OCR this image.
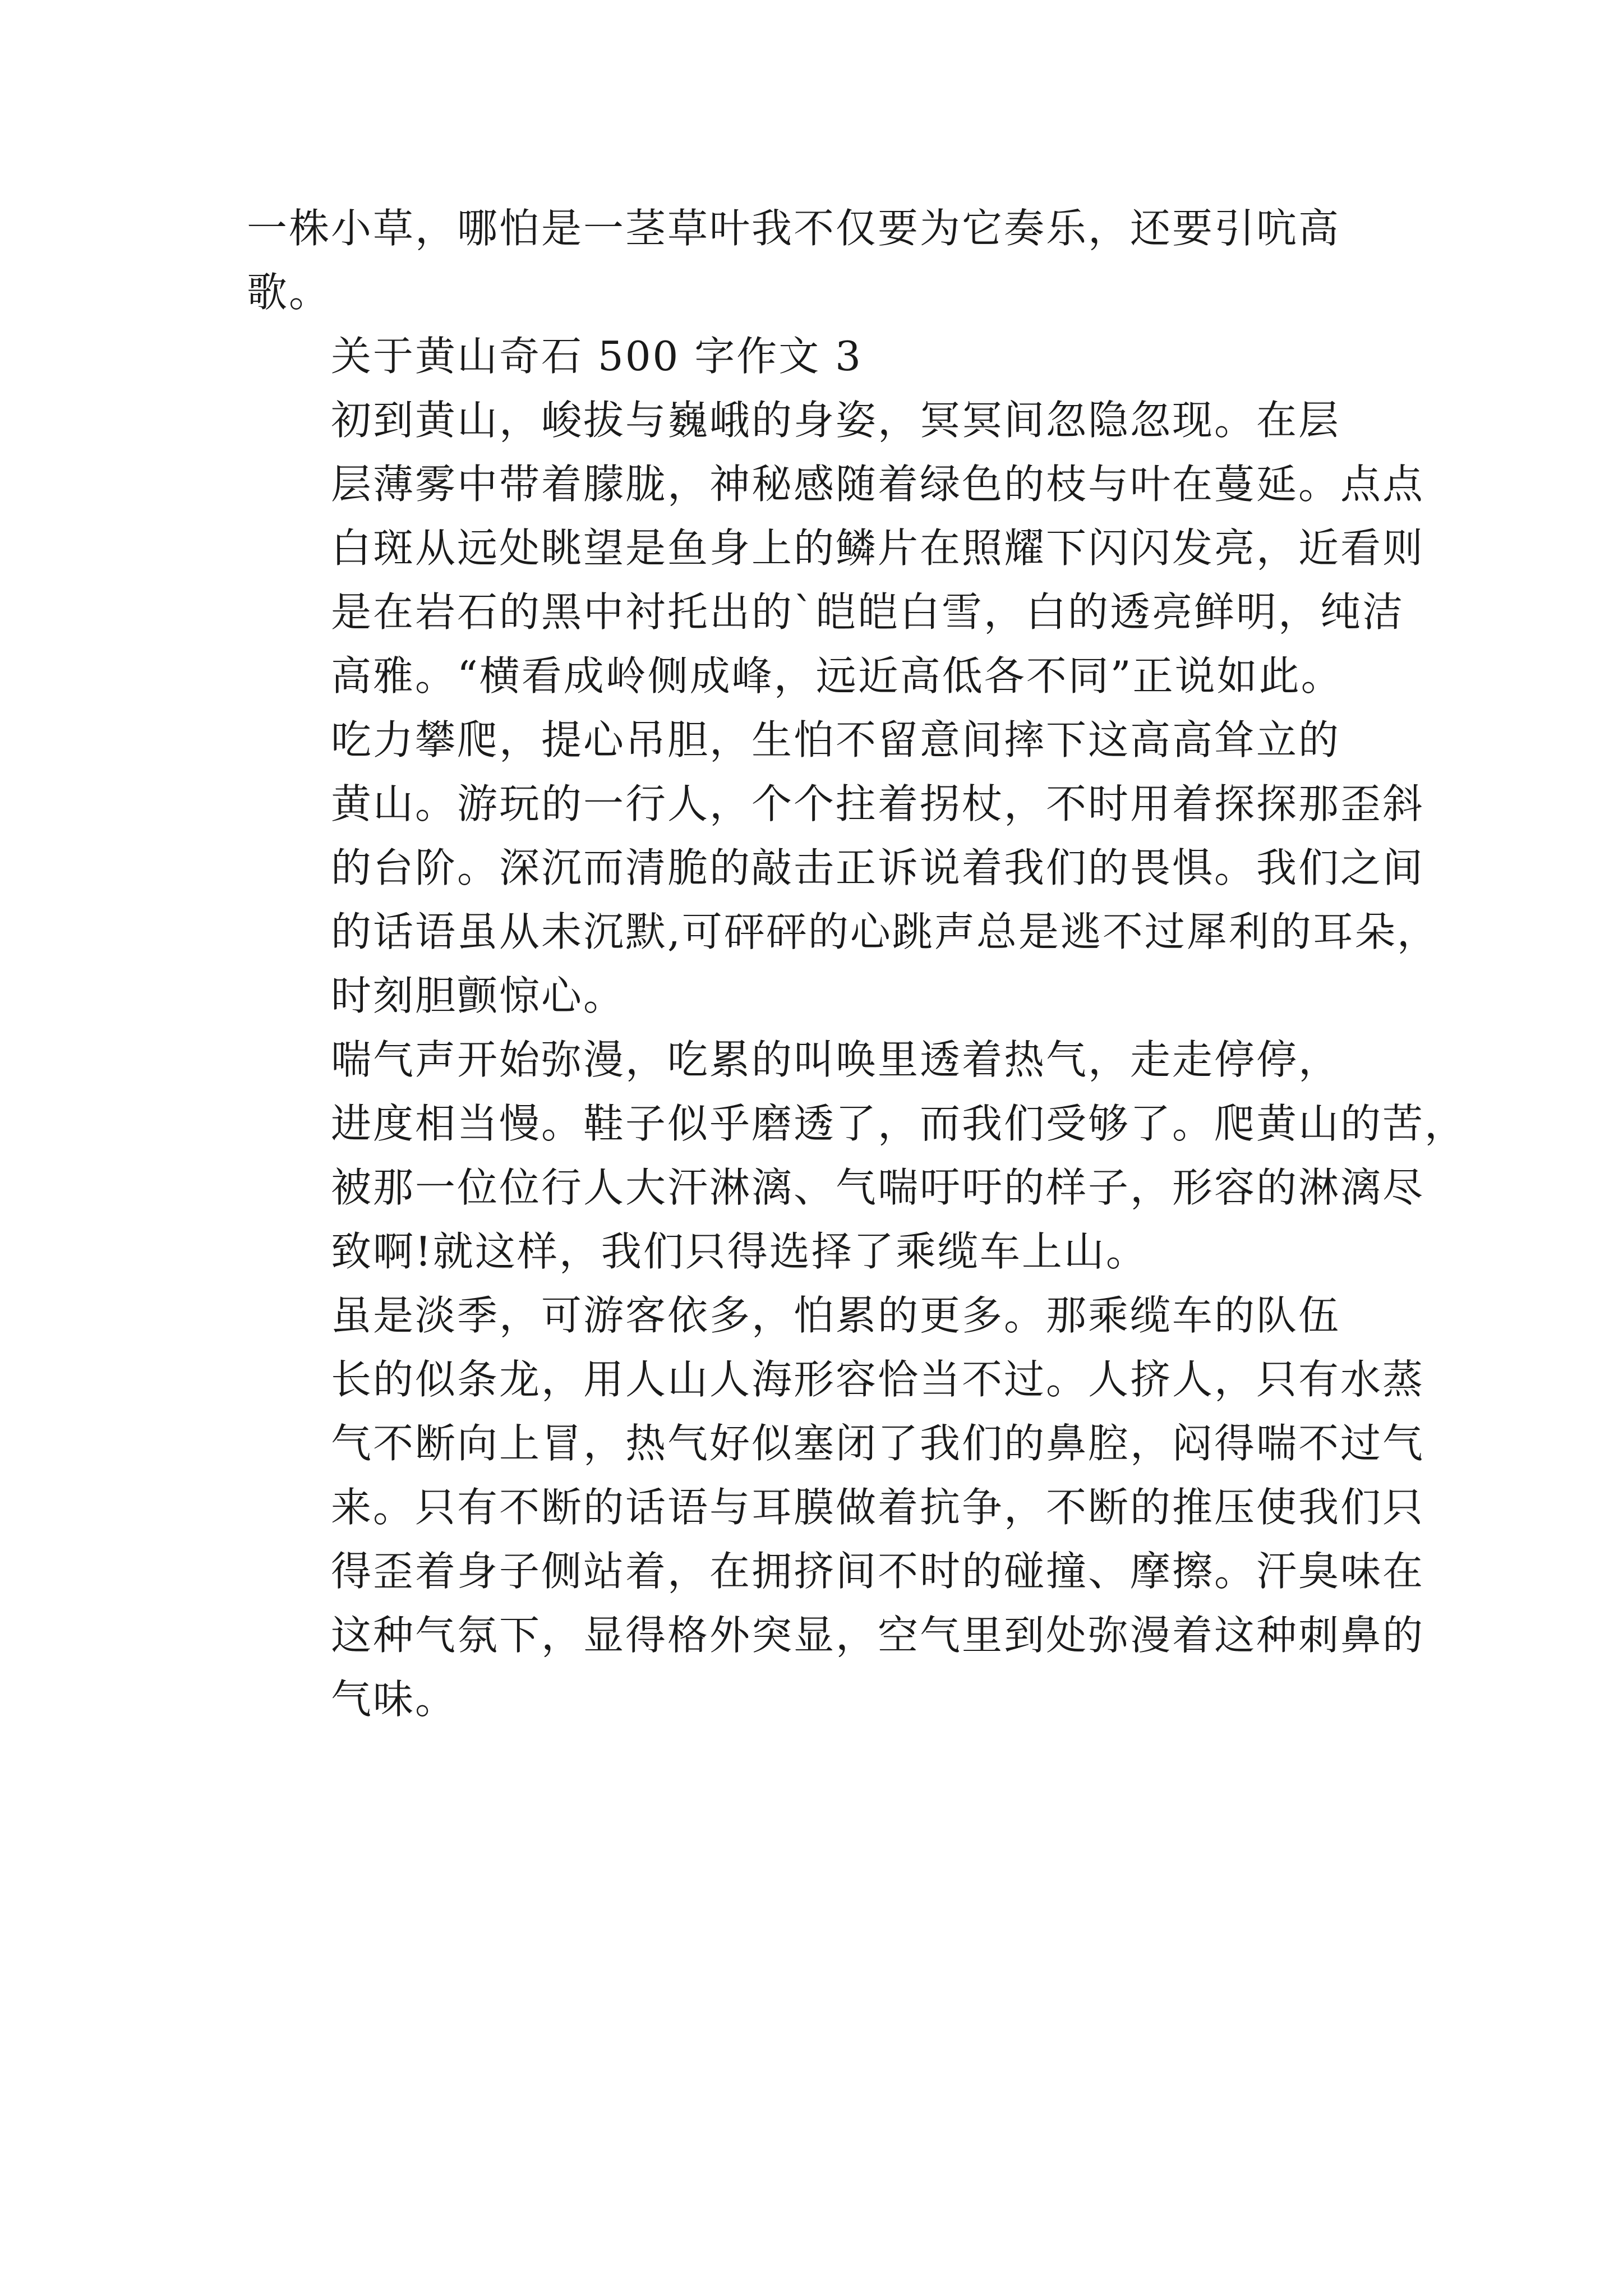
一株小草，哪怕是一茎草叶我不仅要为它奏乐，还要引吭高
歌。

关于黄山奇石 500 字作文 3

初到黄山，峻拔与巍峨的身姿，冥冥间忽隐忽现。在层
层薄雾中带着朦胧，神秘感随着绿色的枝与叶在蔓延。点点
白斑从远处眺望是鱼身上的鳞片在照耀下闪闪发亮，近看则
是在岩石的黑中衬托出的`皑皑白雪，白的透亮鲜明，纯洁
高雅。“横看成岭侧成峰，远近高低各不同”正说如此。

吃力攀爬，提心吊胆，生怕不留意间摔下这高高耸立的
黄山。游玩的一行人，个个拄着拐杖，不时用着探探那歪斜
的台阶。深沉而清脆的敲击正诉说着我们的畏惧。我们之间
的话语虽从未沉默,可砰砰的心跳声总是逃不过犀利的耳朵，
时刻胆颤惊心。

喘气声开始弥漫，吃累的叫唤里透着热气，走走停停，
进度相当慢。鞋子似乎磨透了，而我们受够了。爬黄山的苦，
被那一位位行人大汗淋漓、气喘吁吁的样子，形容的淋漓尽
致啊!就这样，我们只得选择了乘缆车上山。

虽是淡季，可游客依多，怕累的更多。那乘缆车的队伍
长的似条龙，用人山人海形容恰当不过。人挤人，只有水蒸
气不断向上冒，热气好似塞闭了我们的鼻腔，闷得喘不过气
来。只有不断的话语与耳膜做着抗争，不断的推压使我们只
得歪着身子侧站着，在拥挤间不时的碰撞、摩擦。汗臭味在
这种气氛下，显得格外突显，空气里到处弥漫着这种刺鼻的
气味。
